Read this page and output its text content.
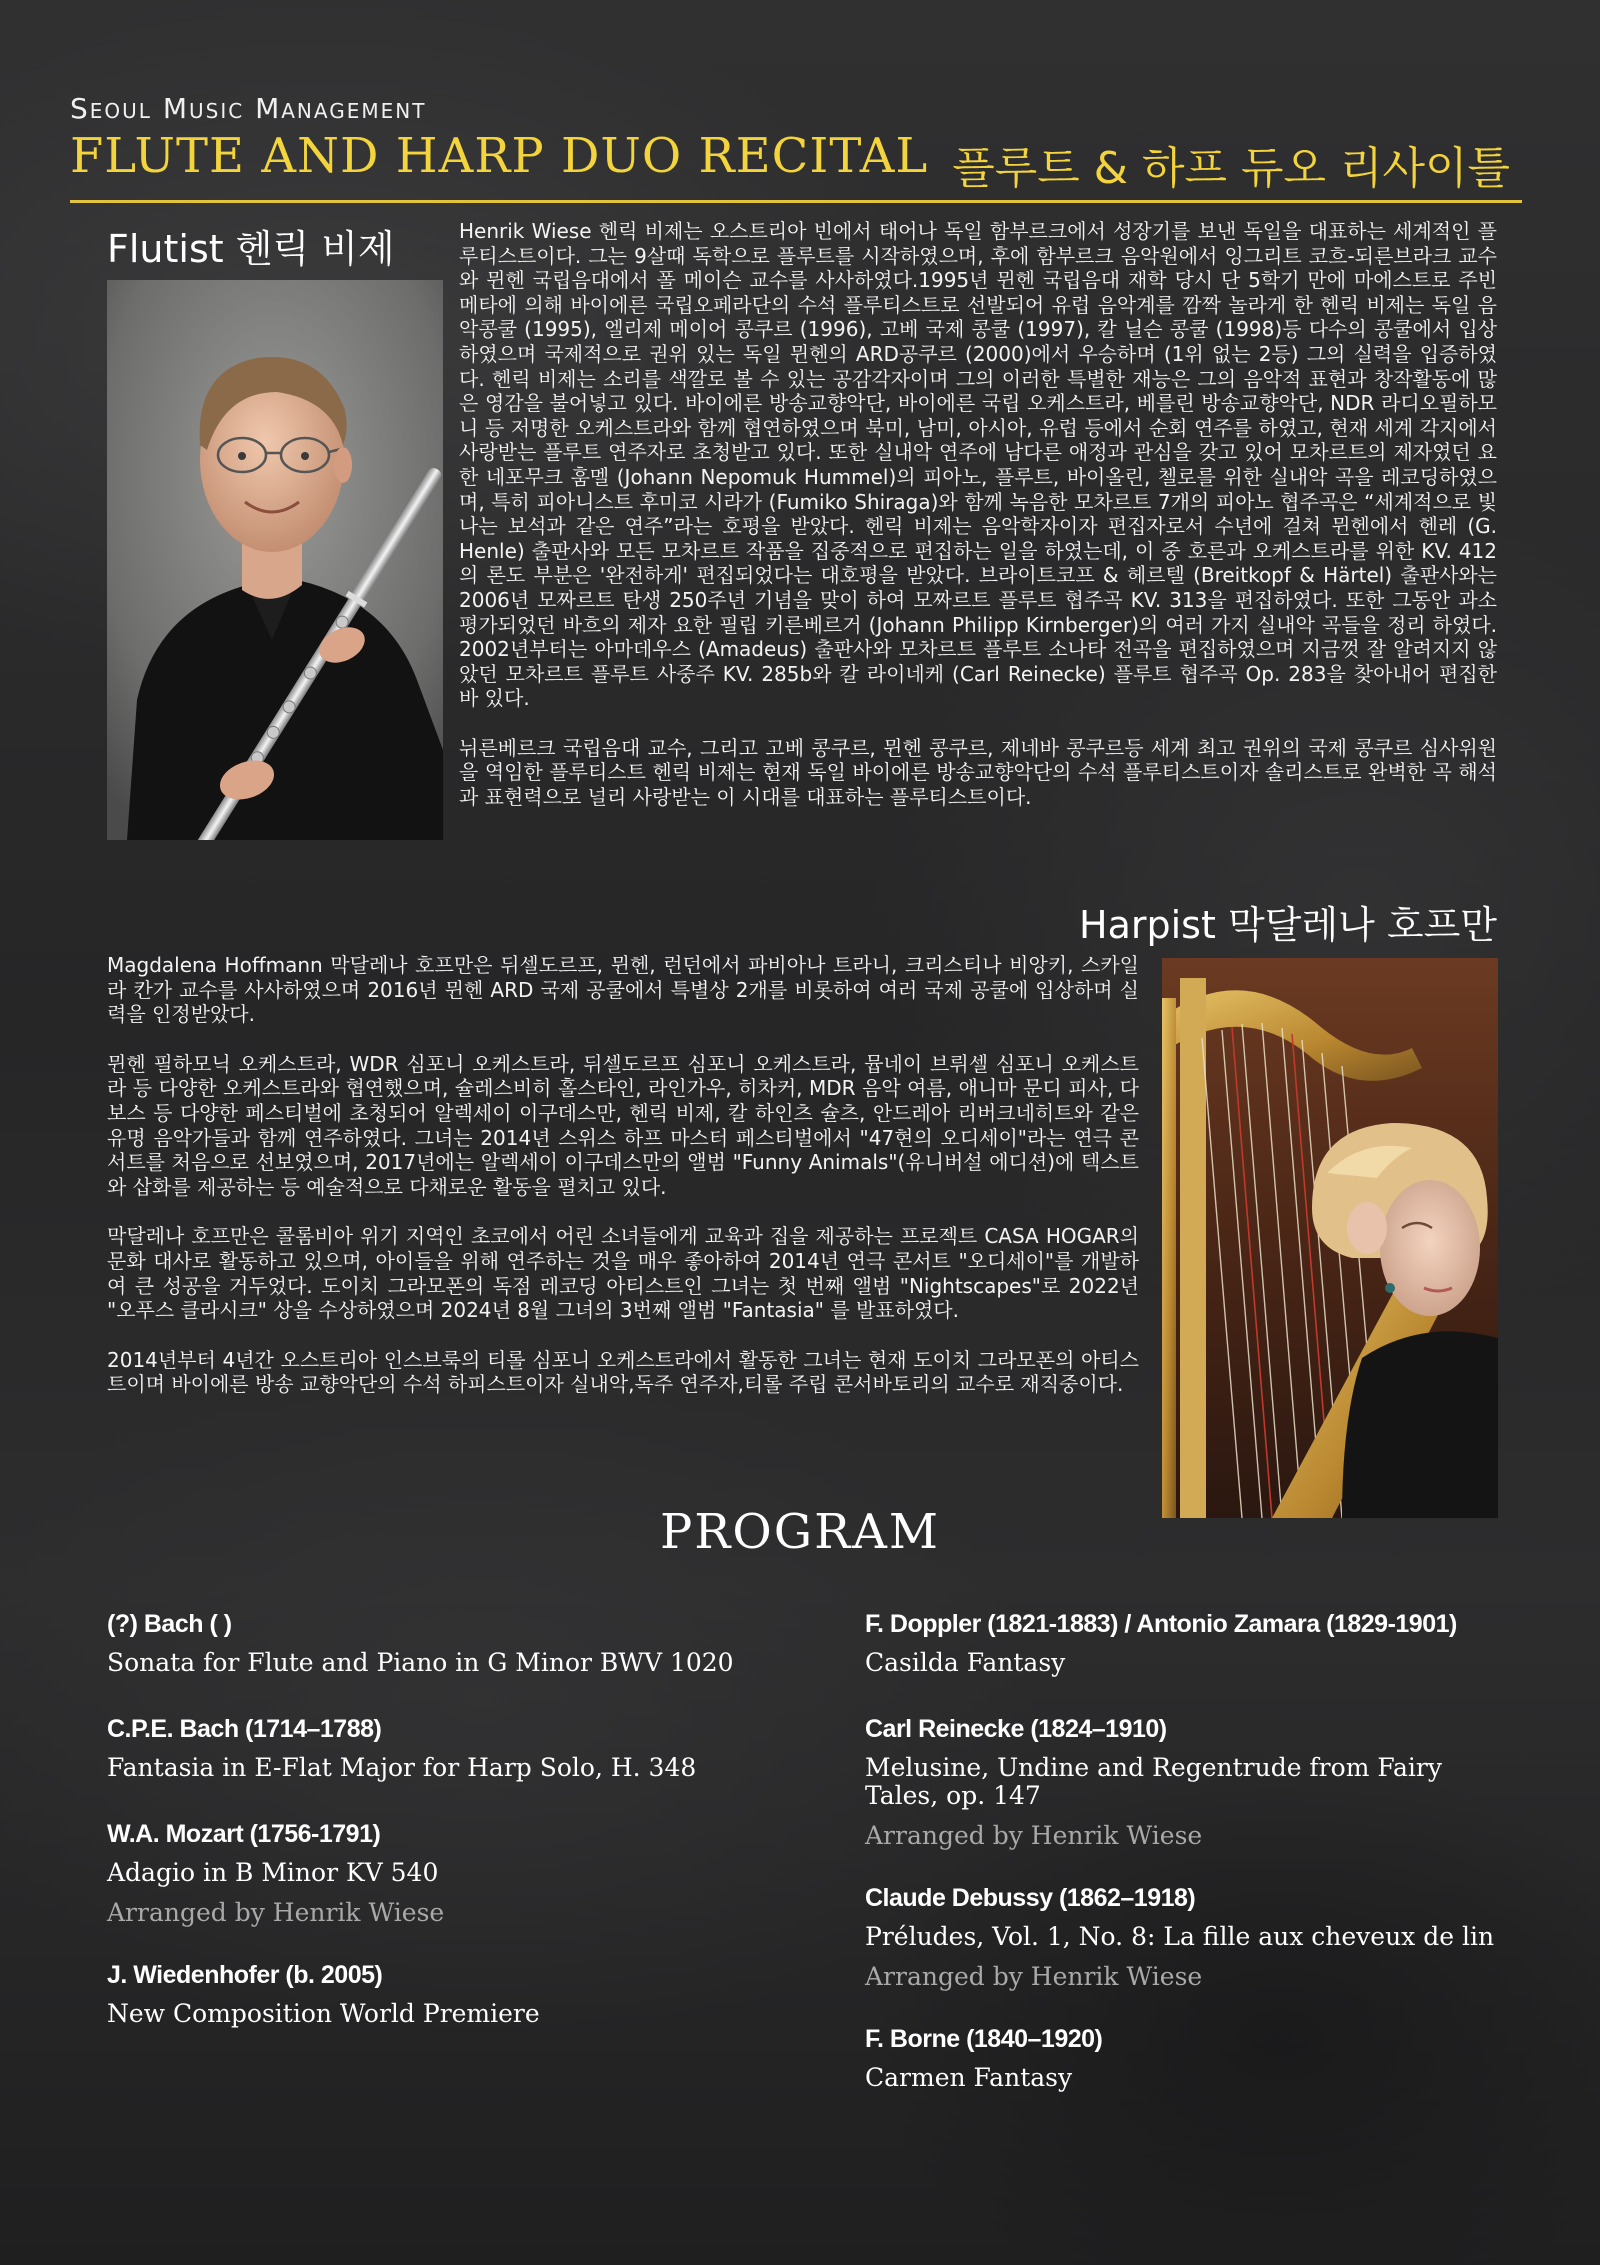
Seoul Music Management
FLUTE AND HARP DUO RECITAL 플루트 & 하프 듀오 리사이틀
Flutist 헨릭 비제	Henrik Wiese 헨릭 비제는 오스트리아 빈에서 태어나 독일 함부르크에서 성장기를 보낸 독일을 대표하는 세계적인 플루티스트이다. 그는 9살때 독학으로 플루트를 시작하였으며, 후에 함부르크 음악원에서 잉그리트 코흐-되른브라크 교수와 뮌헨 국립음대에서 폴 메이슨 교수를 사사하였다.1995년 뮌헨 국립음대 재학 당시 단 5학기 만에 마에스트로 주빈 메타에 의해 바이에른 국립오페라단의 수석 플루티스트로 선발되어 유럽 음악계를 깜짝 놀라게 한 헨릭 비제는 독일 음악콩쿨 (1995), 엘리제 메이어 콩쿠르 (1996), 고베 국제 콩쿨 (1997), 칼 닐슨 콩쿨 (1998)등 다수의 콩쿨에서 입상하였으며 국제적으로 권위 있는 독일 뮌헨의 ARD공쿠르 (2000)에서 우승하며 (1위 없는 2등) 그의 실력을 입증하였다. 헨릭 비제는 소리를 색깔로 볼 수 있는 공감각자이며 그의 이러한 특별한 재능은 그의 음악적 표현과 창작활동에 많은 영감을 불어넣고 있다. 바이에른 방송교향악단, 바이에른 국립 오케스트라, 베를린 방송교향악단, NDR 라디오필하모니 등 저명한 오케스트라와 함께 협연하였으며 북미, 남미, 아시아, 유럽 등에서 순회 연주를 하였고, 현재 세계 각지에서 사랑받는 플루트 연주자로 초청받고 있다. 또한 실내악 연주에 남다른 애정과 관심을 갖고 있어 모차르트의 제자였던 요한 네포무크 훔멜 (Johann Nepomuk Hummel)의 피아노, 플루트, 바이올린, 첼로를 위한 실내악 곡을 레코딩하였으며, 특히 피아니스트 후미코 시라가 (Fumiko Shiraga)와 함께 녹음한 모차르트 7개의 피아노 협주곡은 “세계적으로 빛나는 보석과 같은 연주”라는 호평을 받았다. 헨릭 비제는 음악학자이자 편집자로서 수년에 걸쳐 뮌헨에서 헨레 (G. Henle) 출판사와 모든 모차르트 작품을 집중적으로 편집하는 일을 하였는데, 이 중 호른과 오케스트라를 위한 KV. 412의 론도 부분은 '완전하게' 편집되었다는 대호평을 받았다. 브라이트코프 & 헤르텔 (Breitkopf & Härtel) 출판사와는 2006년 모짜르트 탄생 250주년 기념을 맞이 하여 모짜르트 플루트 협주곡 KV. 313을 편집하였다. 또한 그동안 과소 평가되었던 바흐의 제자 요한 필립 키른베르거 (Johann Philipp Kirnberger)의 여러 가지 실내악 곡들을 정리 하였다. 2002년부터는 아마데우스 (Amadeus) 출판사와 모차르트 플루트 소나타 전곡을 편집하였으며 지금껏 잘 알려지지 않았던 모차르트 플루트 사중주 KV. 285b와 칼 라이네케 (Carl Reinecke) 플루트 협주곡 Op. 283을 찾아내어 편집한 바 있다.

뉘른베르크 국립음대 교수, 그리고 고베 콩쿠르, 뮌헨 콩쿠르, 제네바 콩쿠르등 세계 최고 권위의 국제 콩쿠르 심사위원을 역임한 플루티스트 헨릭 비제는 현재 독일 바이에른 방송교향악단의 수석 플루티스트이자 솔리스트로 완벽한 곡 해석과 표현력으로 널리 사랑받는 이 시대를 대표하는 플루티스트이다.

Harpist 막달레나 호프만

Magdalena Hoffmann 막달레나 호프만은 뒤셀도르프, 뮌헨, 런던에서 파비아나 트라니, 크리스티나 비앙키, 스카일라 칸가 교수를 사사하였으며 2016년 뮌헨 ARD 국제 공쿨에서 특별상 2개를 비롯하여 여러 국제 공쿨에 입상하며 실력을 인정받았다.

뮌헨 필하모닉 오케스트라, WDR 심포니 오케스트라, 뒤셀도르프 심포니 오케스트라, 뮵네이 브뤼셀 심포니 오케스트라 등 다양한 오케스트라와 협연했으며, 슐레스비히 홀스타인, 라인가우, 히차커, MDR 음악 여름, 애니마 문디 피사, 다보스 등 다양한 페스티벌에 초청되어 알렉세이 이구데스만, 헨릭 비제, 칼 하인츠 슐츠, 안드레아 리버크네히트와 같은 유명 음악가들과 함께 연주하였다. 그녀는 2014년 스위스 하프 마스터 페스티벌에서 "47현의 오디세이"라는 연극 콘서트를 처음으로 선보였으며, 2017년에는 알렉세이 이구데스만의 앨범 "Funny Animals"(유니버설 에디션)에 텍스트와 삽화를 제공하는 등 예술적으로 다채로운 활동을 펼치고 있다.

막달레나 호프만은 콜롬비아 위기 지역인 초코에서 어린 소녀들에게 교육과 집을 제공하는 프로젝트 CASA HOGAR의 문화 대사로 활동하고 있으며, 아이들을 위해 연주하는 것을 매우 좋아하여 2014년 연극 콘서트 "오디세이"를 개발하여 큰 성공을 거두었다. 도이치 그라모폰의 독점 레코딩 아티스트인 그녀는 첫 번째 앨범 "Nightscapes"로 2022년 "오푸스 클라시크" 상을 수상하였으며 2024년 8월 그녀의 3번째 앨범 "Fantasia" 를 발표하였다.

2014년부터 4년간 오스트리아 인스브룩의 티롤 심포니 오케스트라에서 활동한 그녀는 현재 도이치 그라모폰의 아티스트이며 바이에른 방송 교향악단의 수석 하피스트이자 실내악,독주 연주자,티롤 주립 콘서바토리의 교수로 재직중이다.

PROGRAM
(?) Bach ( )
Sonata for Flute and Piano in G Minor BWV 1020
C.P.E. Bach (1714–1788)
Fantasia in E-Flat Major for Harp Solo, H. 348
W.A. Mozart (1756-1791)
Adagio in B Minor KV 540
Arranged by Henrik Wiese
J. Wiedenhofer (b. 2005)
New Composition World Premiere
F. Doppler (1821-1883) / Antonio Zamara (1829-1901)
Casilda Fantasy
Carl Reinecke (1824–1910)
Melusine, Undine and Regentrude from Fairy Tales, op. 147
Arranged by Henrik Wiese
Claude Debussy (1862–1918)
Préludes, Vol. 1, No. 8: La fille aux cheveux de lin
Arranged by Henrik Wiese
F. Borne (1840–1920)
Carmen Fantasy
